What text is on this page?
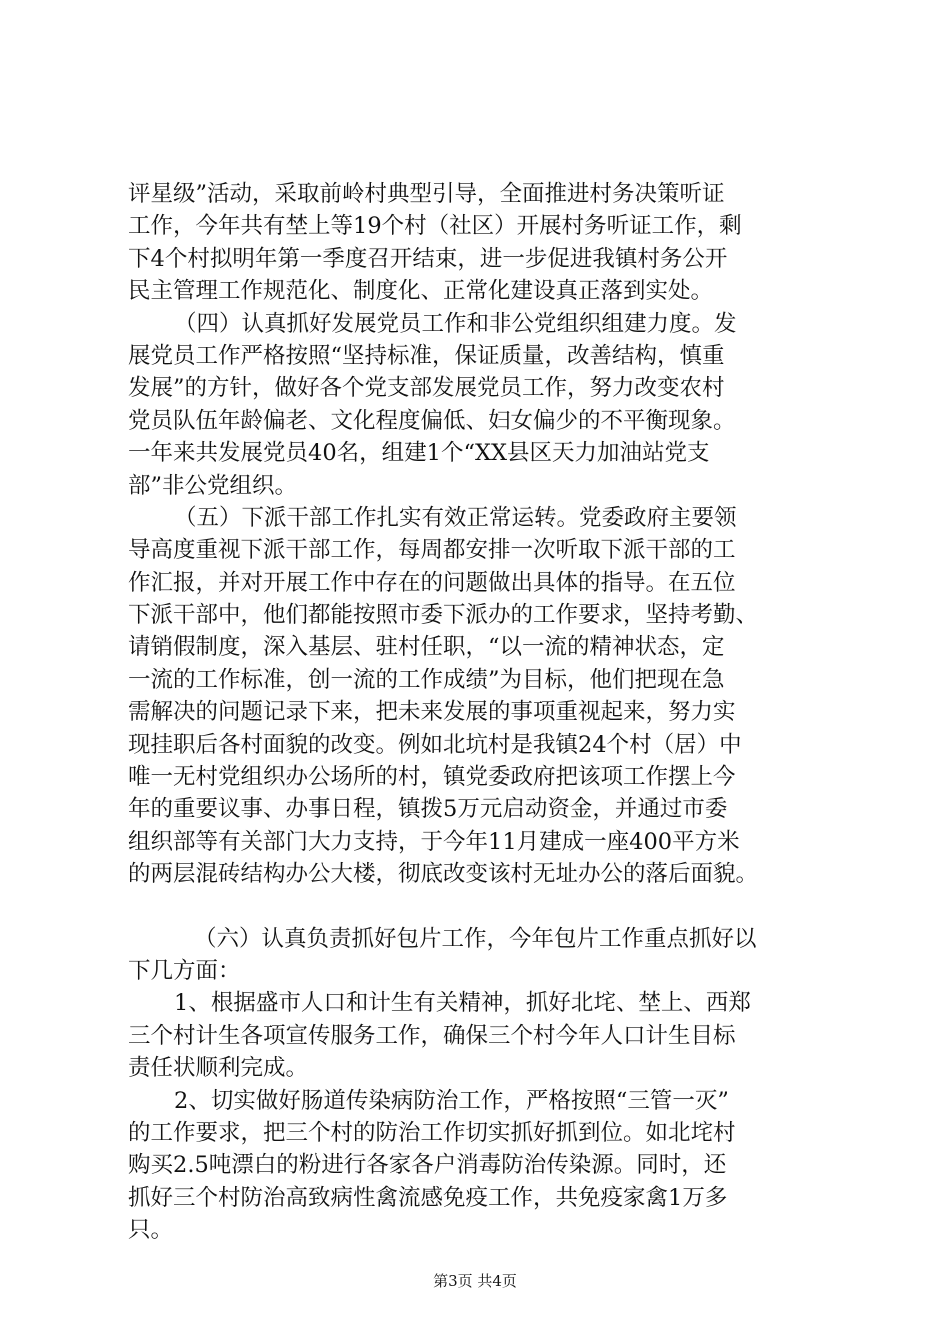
评星级”活动，采取前岭村典型引导，全面推进村务决策听证
工作，今年共有埜上等19个村（社区）开展村务听证工作，剩
下4个村拟明年第一季度召开结束，进一步促进我镇村务公开
民主管理工作规范化、制度化、正常化建设真正落到实处。
（四）认真抓好发展党员工作和非公党组织组建力度。发
展党员工作严格按照“坚持标准，保证质量，改善结构，慎重
发展”的方针，做好各个党支部发展党员工作，努力改变农村
党员队伍年龄偏老、文化程度偏低、妇女偏少的不平衡现象。
一年来共发展党员40名，组建1个“XX县区天力加油站党支
部”非公党组织。
（五）下派干部工作扎实有效正常运转。党委政府主要领
导高度重视下派干部工作，每周都安排一次听取下派干部的工
作汇报，并对开展工作中存在的问题做出具体的指导。在五位
下派干部中，他们都能按照市委下派办的工作要求，坚持考勤、
请销假制度，深入基层、驻村任职，“以一流的精神状态，定
一流的工作标准，创一流的工作成绩”为目标，他们把现在急
需解决的问题记录下来，把未来发展的事项重视起来，努力实
现挂职后各村面貌的改变。例如北坑村是我镇24个村（居）中
唯一无村党组织办公场所的村，镇党委政府把该项工作摆上今
年的重要议事、办事日程，镇拨5万元启动资金，并通过市委
组织部等有关部门大力支持，于今年11月建成一座400平方米
的两层混砖结构办公大楼，彻底改变该村无址办公的落后面貌。
（六）认真负责抓好包片工作，今年包片工作重点抓好以
下几方面：
1、根据盛市人口和计生有关精神，抓好北垞、埜上、西郑
三个村计生各项宣传服务工作，确保三个村今年人口计生目标
责任状顺利完成。
2、切实做好肠道传染病防治工作，严格按照“三管一灭”
的工作要求，把三个村的防治工作切实抓好抓到位。如北垞村
购买2.5吨漂白的粉进行各家各户消毒防治传染源。同时，还
抓好三个村防治高致病性禽流感免疫工作，共免疫家禽1万多
只。
第3页 共4页
